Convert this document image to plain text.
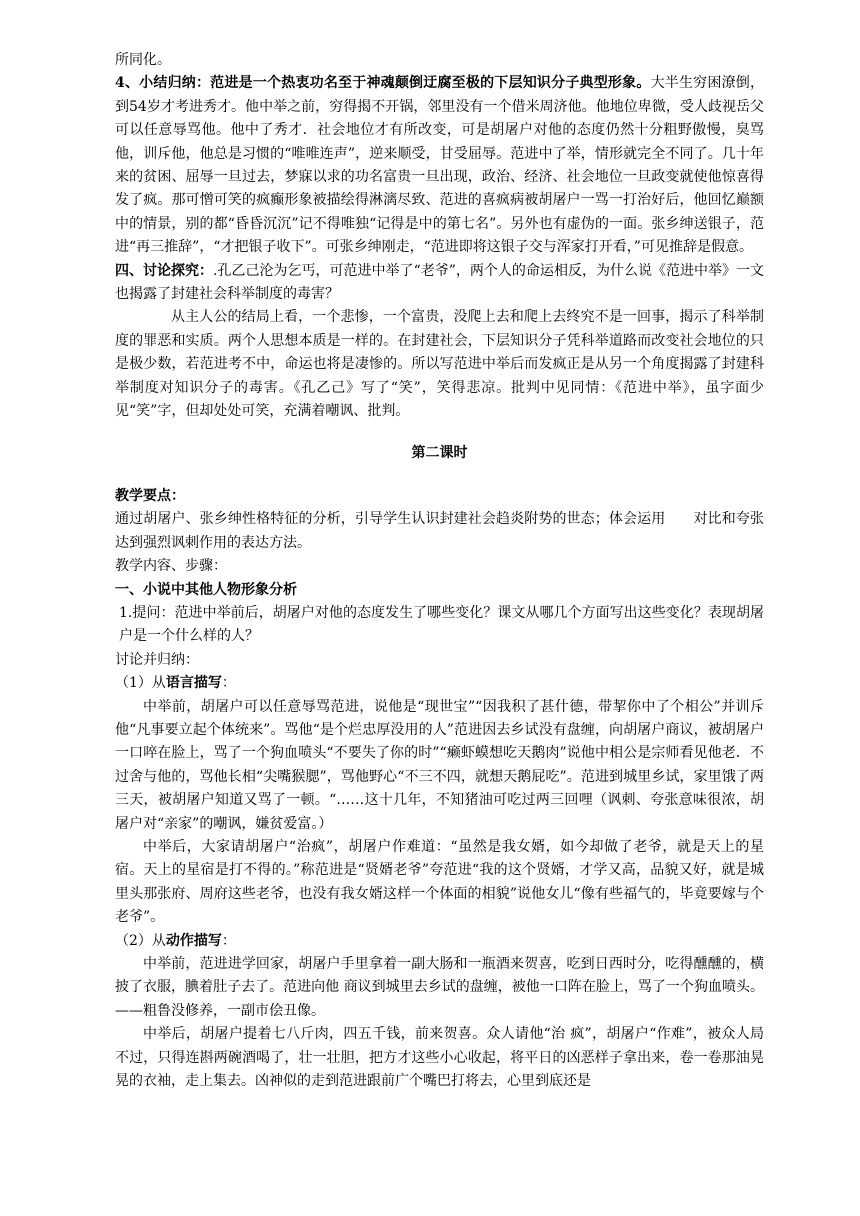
所同化。

4、小结归纳：范进是一个热衷功名至于神魂颠倒迂腐至极的下层知识分子典型形象。大半生穷困潦倒，到54岁才考进秀才。他中举之前，穷得揭不开锅，邻里没有一个借米周济他。他地位卑微，受人歧视岳父可以任意辱骂他。他中了秀才．社会地位才有所改变，可是胡屠户对他的态度仍然十分粗野傲慢，臭骂他，训斥他，他总是习惯的“唯唯连声”，逆来顺受，甘受屈辱。范进中了举，情形就完全不同了。几十年来的贫困、屈辱一旦过去，梦寐以求的功名富贵一旦出现，政治、经济、社会地位一旦政变就使他惊喜得发了疯。那可憎可笑的疯癫形象被描绘得淋漓尽致、范进的喜疯病被胡屠户一骂一打治好后，他回忆巅额中的情景，别的都“昏昏沉沉”记不得唯独“记得是中的第七名”。另外也有虚伪的一面。张乡绅送银子，范进“再三推辞”，“才把银子收下”。可张乡绅刚走，“范进即将这银子交与浑家打开看，”可见推辞是假意。

四、讨论探究：.孔乙己沦为乞丐，可范进中举了“老爷”，两个人的命运相反，为什么说《范进中举》一文也揭露了封建社会科举制度的毒害？

从主人公的结局上看，一个悲惨，一个富贵，没爬上去和爬上去终究不是一回事，揭示了科举制度的罪恶和实质。两个人思想本质是一样的。在封建社会，下层知识分子凭科举道路而改变社会地位的只是极少数，若范进考不中，命运也将是凄惨的。所以写范进中举后而发疯正是从另一个角度揭露了封建科举制度对知识分子的毒害。《孔乙己》写了“笑”，笑得悲凉。批判中见同情：《范进中举》，虽字面少见“笑”字，但却处处可笑，充满着嘲讽、批判。

第二课时

教学要点：

通过胡屠户、张乡绅性格特征的分析，引导学生认识封建社会趋炎附势的世态；体会运用　　对比和夸张达到强烈讽刺作用的表达方法。

教学内容、步骤：

一、小说中其他人物形象分析

1.提问：范进中举前后，胡屠户对他的态度发生了哪些变化？课文从哪几个方面写出这些变化？表现胡屠户是一个什么样的人？

讨论并归纳：

（1）从语言描写：

中举前，胡屠户可以任意辱骂范进，说他是“现世宝”“因我积了甚什德，带挈你中了个相公”并训斥他“凡事要立起个体统来”。骂他“是个烂忠厚没用的人”范进因去乡试没有盘缠，向胡屠户商议，被胡屠户一口啐在脸上，骂了一个狗血喷头“不要失了你的时”“癞虾蟆想吃天鹅肉”说他中相公是宗师看见他老．不过舍与他的，骂他长相“尖嘴猴腮”，骂他野心“不三不四，就想天鹅屁吃”。范进到城里乡试，家里饿了两三天，被胡屠户知道又骂了一顿。“……这十几年，不知猪油可吃过两三回哩（讽刺、夸张意味很浓，胡屠户对“亲家”的嘲讽，嫌贫爱富。）

中举后，大家请胡屠户“治疯”，胡屠户作难道：“虽然是我女婿，如今却做了老爷，就是天上的星宿。天上的星宿是打不得的。”称范进是“贤婿老爷”夸范进“我的这个贤婿，才学又高，品貌又好，就是城里头那张府、周府这些老爷，也没有我女婿这样一个体面的相貌”说他女儿“像有些福气的，毕竟要嫁与个老爷”。

（2）从动作描写：

中举前，范进进学回家，胡屠户手里拿着一副大肠和一瓶酒来贺喜，吃到日西时分，吃得醺醺的，横披了衣服，腆着肚子去了。范进向他 商议到城里去乡试的盘缠，被他一口阵在脸上，骂了一个狗血喷头。 ——粗鲁没修养，一副市侩丑像。

中举后，胡屠户提着七八斤肉，四五千钱，前来贺喜。众人请他“治 疯”，胡屠户“作难”，被众人局不过，只得连斟两碗酒喝了，壮一壮胆，把方才这些小心收起，将平日的凶恶样子拿出来，卷一卷那油晃晃的衣袖，走上集去。凶神似的走到范进跟前广个嘴巴打将去，心里到底还是
